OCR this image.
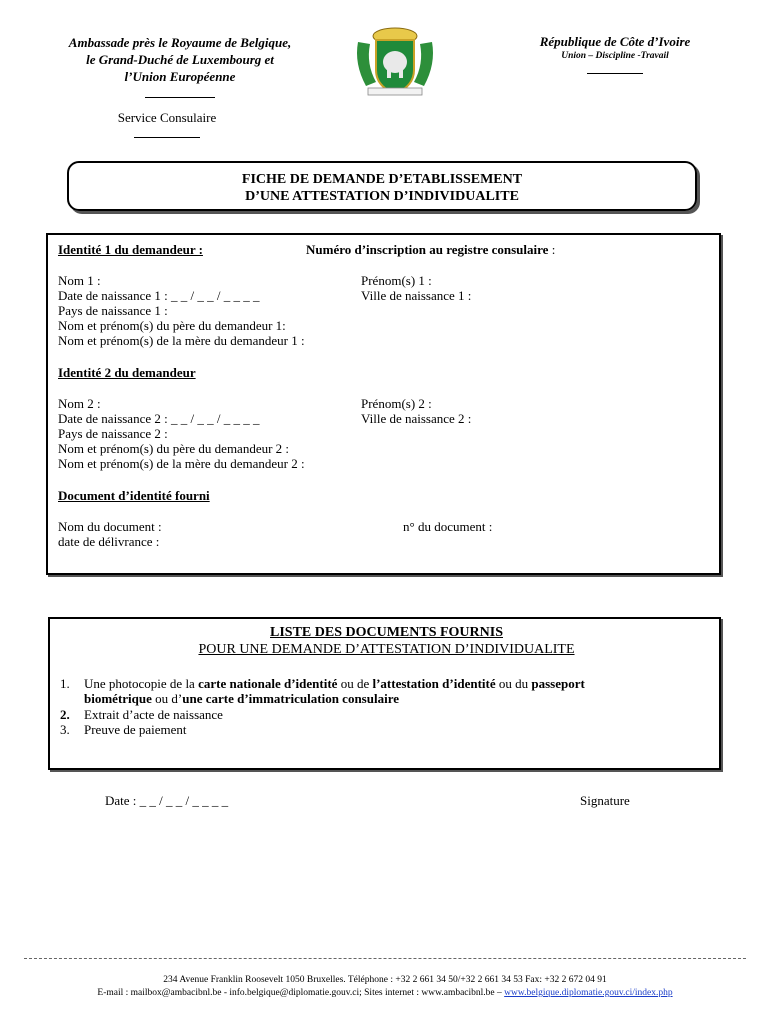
Ambassade près le Royaume de Belgique,
le Grand-Duché de Luxembourg et
l’Union Européenne
Service Consulaire
République de Côte d’Ivoire
Union – Discipline -Travail
FICHE DE DEMANDE D’ETABLISSEMENT
D’UNE ATTESTATION D’INDIVIDUALITE
Identité 1 du demandeur :	Numéro d’inscription au registre consulaire :
Nom 1 :	Prénom(s) 1 :
Date de naissance 1 : _ _ / _ _ / _ _ _ _	Ville de naissance 1 :
Pays de naissance 1 :
Nom et prénom(s) du père du demandeur 1:
Nom et prénom(s) de la mère du demandeur 1 :
Identité 2 du demandeur
Nom 2 :	Prénom(s) 2 :
Date de naissance 2 : _ _ / _ _ / _ _ _ _	Ville de naissance 2 :
Pays de naissance 2 :
Nom et prénom(s) du père du demandeur 2 :
Nom et prénom(s) de la mère du demandeur 2 :
Document d’identité fourni
Nom du document :	n° du document :
date de délivrance :
LISTE DES DOCUMENTS FOURNIS
POUR UNE DEMANDE D’ATTESTATION D’INDIVIDUALITE
1. Une photocopie de la carte nationale d’identité ou de l’attestation d’identité ou du passeport
biométrique ou d’une carte d’immatriculation consulaire
2. Extrait d’acte de naissance
3. Preuve de paiement
Date : _ _ / _ _ / _ _ _ _	Signature
234 Avenue Franklin Roosevelt 1050 Bruxelles. Téléphone : +32 2 661 34 50/+32 2 661 34 53 Fax: +32 2 672 04 91
E-mail : mailbox@ambacibnl.be - info.belgique@diplomatie.gouv.ci; Sites internet : www.ambacibnl.be – www.belgique.diplomatie.gouv.ci/index.php
